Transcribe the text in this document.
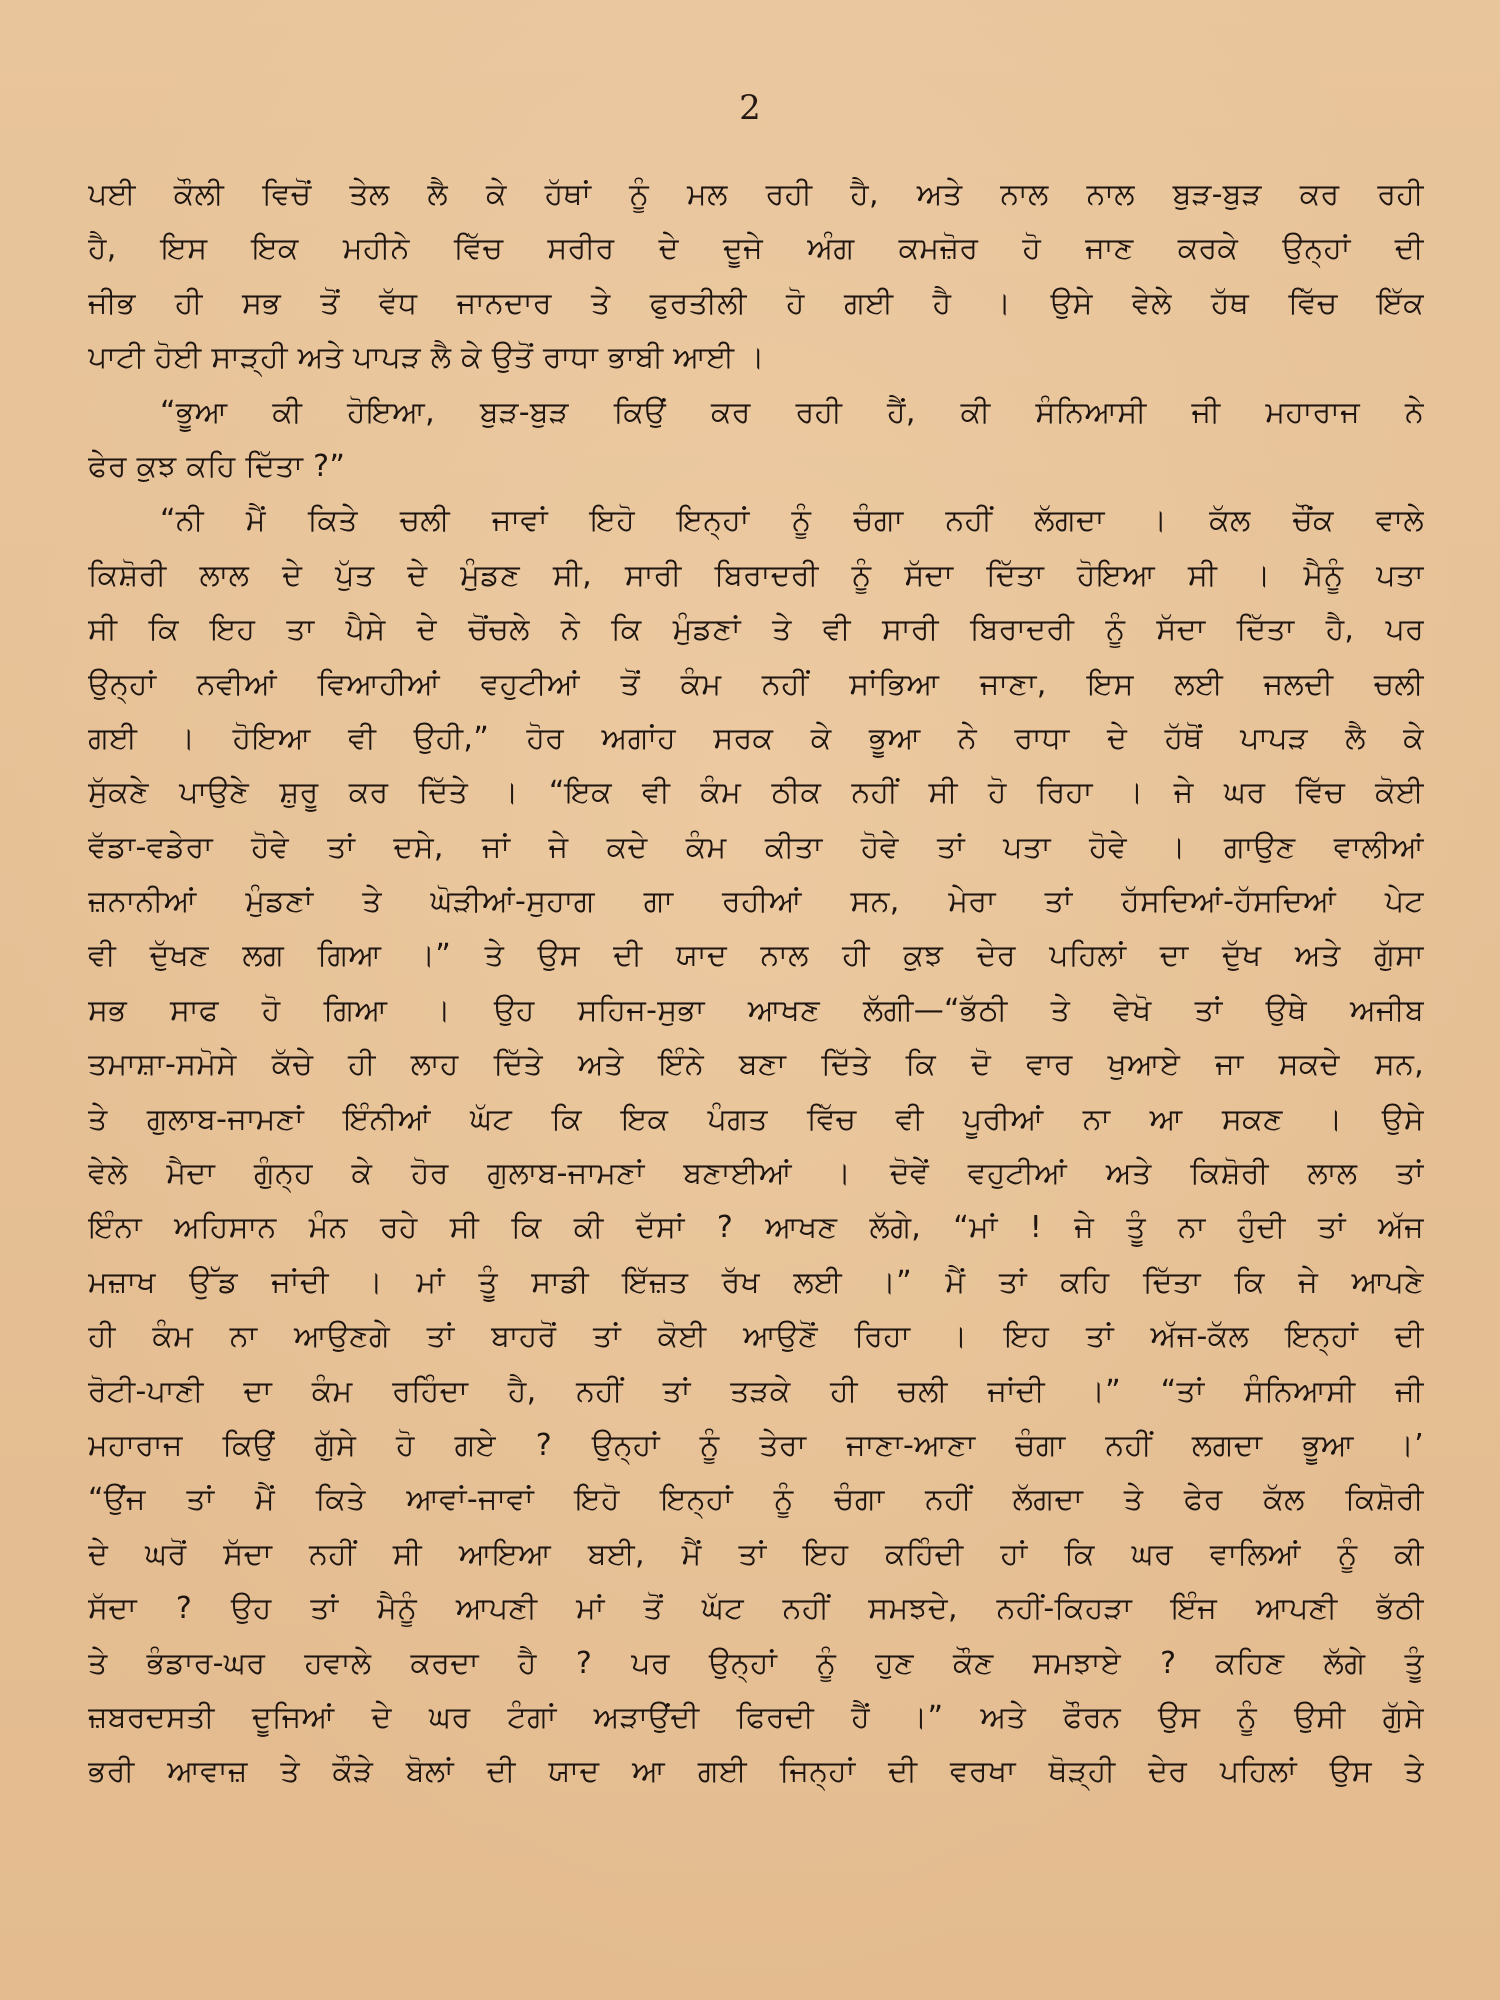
2
ਪਈ ਕੌਲੀ ਵਿਚੋਂ ਤੇਲ ਲੈ ਕੇ ਹੱਥਾਂ ਨੂੰ ਮਲ ਰਹੀ ਹੈ, ਅਤੇ ਨਾਲ ਨਾਲ ਬੁੜ-ਬੁੜ ਕਰ ਰਹੀ
ਹੈ, ਇਸ ਇਕ ਮਹੀਨੇ ਵਿੱਚ ਸਰੀਰ ਦੇ ਦੂਜੇ ਅੰਗ ਕਮਜ਼ੋਰ ਹੋ ਜਾਣ ਕਰਕੇ ਉਨ੍ਹਾਂ ਦੀ
ਜੀਭ ਹੀ ਸਭ ਤੋਂ ਵੱਧ ਜਾਨਦਾਰ ਤੇ ਫੁਰਤੀਲੀ ਹੋ ਗਈ ਹੈ । ਉਸੇ ਵੇਲੇ ਹੱਥ ਵਿੱਚ ਇੱਕ
ਪਾਟੀ ਹੋਈ ਸਾੜ੍ਹੀ ਅਤੇ ਪਾਪੜ ਲੈ ਕੇ ਉਤੋਂ ਰਾਧਾ ਭਾਬੀ ਆਈ ।
“ਭੂਆ ਕੀ ਹੋਇਆ, ਬੁੜ-ਬੁੜ ਕਿਉਂ ਕਰ ਰਹੀ ਹੈਂ, ਕੀ ਸੰਨਿਆਸੀ ਜੀ ਮਹਾਰਾਜ ਨੇ
ਫੇਰ ਕੁਝ ਕਹਿ ਦਿੱਤਾ ?”
“ਨੀ ਮੈਂ ਕਿਤੇ ਚਲੀ ਜਾਵਾਂ ਇਹੋ ਇਨ੍ਹਾਂ ਨੂੰ ਚੰਗਾ ਨਹੀਂ ਲੱਗਦਾ । ਕੱਲ ਚੌਂਕ ਵਾਲੇ
ਕਿਸ਼ੋਰੀ ਲਾਲ ਦੇ ਪੁੱਤ ਦੇ ਮੁੰਡਣ ਸੀ, ਸਾਰੀ ਬਿਰਾਦਰੀ ਨੂੰ ਸੱਦਾ ਦਿੱਤਾ ਹੋਇਆ ਸੀ । ਮੈਨੂੰ ਪਤਾ
ਸੀ ਕਿ ਇਹ ਤਾ ਪੈਸੇ ਦੇ ਚੋਂਚਲੇ ਨੇ ਕਿ ਮੁੰਡਣਾਂ ਤੇ ਵੀ ਸਾਰੀ ਬਿਰਾਦਰੀ ਨੂੰ ਸੱਦਾ ਦਿੱਤਾ ਹੈ, ਪਰ
ਉਨ੍ਹਾਂ ਨਵੀਆਂ ਵਿਆਹੀਆਂ ਵਹੁਟੀਆਂ ਤੋਂ ਕੰਮ ਨਹੀਂ ਸਾਂਭਿਆ ਜਾਣਾ, ਇਸ ਲਈ ਜਲਦੀ ਚਲੀ
ਗਈ । ਹੋਇਆ ਵੀ ਉਹੀ,” ਹੋਰ ਅਗਾਂਹ ਸਰਕ ਕੇ ਭੂਆ ਨੇ ਰਾਧਾ ਦੇ ਹੱਥੋਂ ਪਾਪੜ ਲੈ ਕੇ
ਸੁੱਕਣੇ ਪਾਉਣੇ ਸ਼ੁਰੂ ਕਰ ਦਿੱਤੇ । “ਇਕ ਵੀ ਕੰਮ ਠੀਕ ਨਹੀਂ ਸੀ ਹੋ ਰਿਹਾ । ਜੇ ਘਰ ਵਿੱਚ ਕੋਈ
ਵੱਡਾ-ਵਡੇਰਾ ਹੋਵੇ ਤਾਂ ਦਸੇ, ਜਾਂ ਜੇ ਕਦੇ ਕੰਮ ਕੀਤਾ ਹੋਵੇ ਤਾਂ ਪਤਾ ਹੋਵੇ । ਗਾਉਣ ਵਾਲੀਆਂ
ਜ਼ਨਾਨੀਆਂ ਮੁੰਡਣਾਂ ਤੇ ਘੋੜੀਆਂ-ਸੁਹਾਗ ਗਾ ਰਹੀਆਂ ਸਨ, ਮੇਰਾ ਤਾਂ ਹੱਸਦਿਆਂ-ਹੱਸਦਿਆਂ ਪੇਟ
ਵੀ ਦੁੱਖਣ ਲਗ ਗਿਆ ।” ਤੇ ਉਸ ਦੀ ਯਾਦ ਨਾਲ ਹੀ ਕੁਝ ਦੇਰ ਪਹਿਲਾਂ ਦਾ ਦੁੱਖ ਅਤੇ ਗੁੱਸਾ
ਸਭ ਸਾਫ ਹੋ ਗਿਆ । ਉਹ ਸਹਿਜ-ਸੁਭਾ ਆਖਣ ਲੱਗੀ—“ਭੱਠੀ ਤੇ ਵੇਖੋ ਤਾਂ ਉਥੇ ਅਜੀਬ
ਤਮਾਸ਼ਾ-ਸਮੋਸੇ ਕੱਚੇ ਹੀ ਲਾਹ ਦਿੱਤੇ ਅਤੇ ਇੰਨੇ ਬਣਾ ਦਿੱਤੇ ਕਿ ਦੋ ਵਾਰ ਖੁਆਏ ਜਾ ਸਕਦੇ ਸਨ,
ਤੇ ਗੁਲਾਬ-ਜਾਮਣਾਂ ਇੰਨੀਆਂ ਘੱਟ ਕਿ ਇਕ ਪੰਗਤ ਵਿੱਚ ਵੀ ਪੂਰੀਆਂ ਨਾ ਆ ਸਕਣ । ਉਸੇ
ਵੇਲੇ ਮੈਦਾ ਗੁੰਨ੍ਹ ਕੇ ਹੋਰ ਗੁਲਾਬ-ਜਾਮਣਾਂ ਬਣਾਈਆਂ । ਦੋਵੇਂ ਵਹੁਟੀਆਂ ਅਤੇ ਕਿਸ਼ੋਰੀ ਲਾਲ ਤਾਂ
ਇੰਨਾ ਅਹਿਸਾਨ ਮੰਨ ਰਹੇ ਸੀ ਕਿ ਕੀ ਦੱਸਾਂ ? ਆਖਣ ਲੱਗੇ, “ਮਾਂ ! ਜੇ ਤੂੰ ਨਾ ਹੁੰਦੀ ਤਾਂ ਅੱਜ
ਮਜ਼ਾਖ ਉੱਡ ਜਾਂਦੀ । ਮਾਂ ਤੂੰ ਸਾਡੀ ਇੱਜ਼ਤ ਰੱਖ ਲਈ ।” ਮੈਂ ਤਾਂ ਕਹਿ ਦਿੱਤਾ ਕਿ ਜੇ ਆਪਣੇ
ਹੀ ਕੰਮ ਨਾ ਆਉਣਗੇ ਤਾਂ ਬਾਹਰੋਂ ਤਾਂ ਕੋਈ ਆਉਣੋਂ ਰਿਹਾ । ਇਹ ਤਾਂ ਅੱਜ-ਕੱਲ ਇਨ੍ਹਾਂ ਦੀ
ਰੋਟੀ-ਪਾਣੀ ਦਾ ਕੰਮ ਰਹਿੰਦਾ ਹੈ, ਨਹੀਂ ਤਾਂ ਤੜਕੇ ਹੀ ਚਲੀ ਜਾਂਦੀ ।” “ਤਾਂ ਸੰਨਿਆਸੀ ਜੀ
ਮਹਾਰਾਜ ਕਿਉਂ ਗੁੱਸੇ ਹੋ ਗਏ ? ਉਨ੍ਹਾਂ ਨੂੰ ਤੇਰਾ ਜਾਣਾ-ਆਣਾ ਚੰਗਾ ਨਹੀਂ ਲਗਦਾ ਭੂਆ ।’
“ਉਂਜ ਤਾਂ ਮੈਂ ਕਿਤੇ ਆਵਾਂ-ਜਾਵਾਂ ਇਹੋ ਇਨ੍ਹਾਂ ਨੂੰ ਚੰਗਾ ਨਹੀਂ ਲੱਗਦਾ ਤੇ ਫੇਰ ਕੱਲ ਕਿਸ਼ੋਰੀ
ਦੇ ਘਰੋਂ ਸੱਦਾ ਨਹੀਂ ਸੀ ਆਇਆ ਬਈ, ਮੈਂ ਤਾਂ ਇਹ ਕਹਿੰਦੀ ਹਾਂ ਕਿ ਘਰ ਵਾਲਿਆਂ ਨੂੰ ਕੀ
ਸੱਦਾ ? ਉਹ ਤਾਂ ਮੈਨੂੰ ਆਪਣੀ ਮਾਂ ਤੋਂ ਘੱਟ ਨਹੀਂ ਸਮਝਦੇ, ਨਹੀਂ-ਕਿਹੜਾ ਇੰਜ ਆਪਣੀ ਭੱਠੀ
ਤੇ ਭੰਡਾਰ-ਘਰ ਹਵਾਲੇ ਕਰਦਾ ਹੈ ? ਪਰ ਉਨ੍ਹਾਂ ਨੂੰ ਹੁਣ ਕੌਣ ਸਮਝਾਏ ? ਕਹਿਣ ਲੱਗੇ ਤੂੰ
ਜ਼ਬਰਦਸਤੀ ਦੂਜਿਆਂ ਦੇ ਘਰ ਟੰਗਾਂ ਅੜਾਉਂਦੀ ਫਿਰਦੀ ਹੈਂ ।” ਅਤੇ ਫੌਰਨ ਉਸ ਨੂੰ ਉਸੀ ਗੁੱਸੇ
ਭਰੀ ਆਵਾਜ਼ ਤੇ ਕੌੜੇ ਬੋਲਾਂ ਦੀ ਯਾਦ ਆ ਗਈ ਜਿਨ੍ਹਾਂ ਦੀ ਵਰਖਾ ਥੋੜ੍ਹੀ ਦੇਰ ਪਹਿਲਾਂ ਉਸ ਤੇ
